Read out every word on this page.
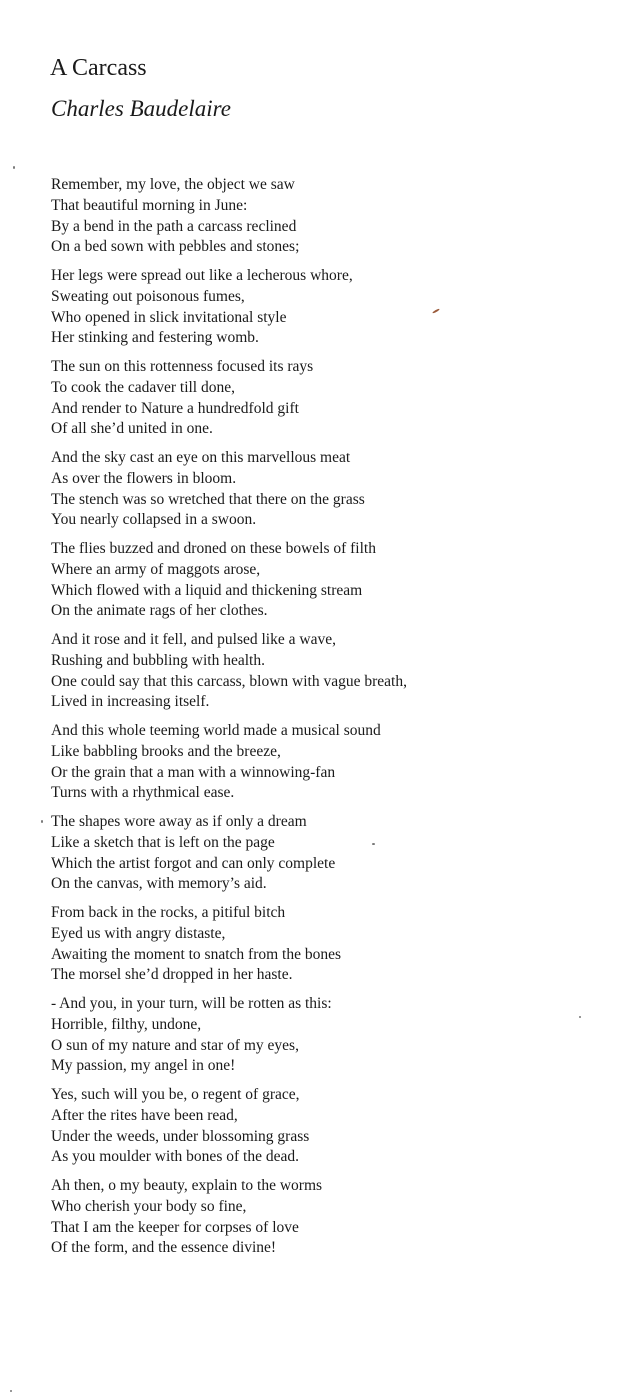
A Carcass
Charles Baudelaire

Remember, my love, the object we saw
That beautiful morning in June:
By a bend in the path a carcass reclined
On a bed sown with pebbles and stones;

Her legs were spread out like a lecherous whore,
Sweating out poisonous fumes,
Who opened in slick invitational style
Her stinking and festering womb.

The sun on this rottenness focused its rays
To cook the cadaver till done,
And render to Nature a hundredfold gift
Of all she’d united in one.

And the sky cast an eye on this marvellous meat
As over the flowers in bloom.
The stench was so wretched that there on the grass
You nearly collapsed in a swoon.

The flies buzzed and droned on these bowels of filth
Where an army of maggots arose,
Which flowed with a liquid and thickening stream
On the animate rags of her clothes.

And it rose and it fell, and pulsed like a wave,
Rushing and bubbling with health.
One could say that this carcass, blown with vague breath,
Lived in increasing itself.

And this whole teeming world made a musical sound
Like babbling brooks and the breeze,
Or the grain that a man with a winnowing-fan
Turns with a rhythmical ease.

The shapes wore away as if only a dream
Like a sketch that is left on the page
Which the artist forgot and can only complete
On the canvas, with memory’s aid.

From back in the rocks, a pitiful bitch
Eyed us with angry distaste,
Awaiting the moment to snatch from the bones
The morsel she’d dropped in her haste.

- And you, in your turn, will be rotten as this:
Horrible, filthy, undone,
O sun of my nature and star of my eyes,
My passion, my angel in one!

Yes, such will you be, o regent of grace,
After the rites have been read,
Under the weeds, under blossoming grass
As you moulder with bones of the dead.

Ah then, o my beauty, explain to the worms
Who cherish your body so fine,
That I am the keeper for corpses of love
Of the form, and the essence divine!
